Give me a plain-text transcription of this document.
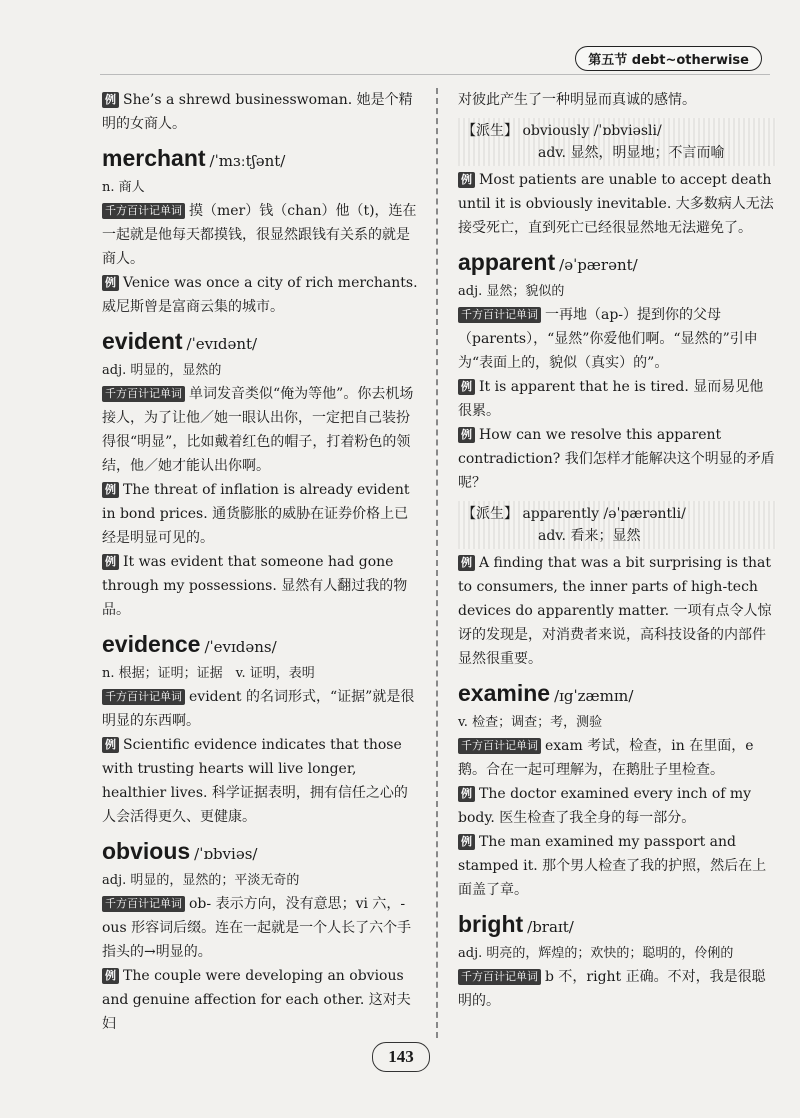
第五节 debt~otherwise

例 She’s a shrewd businesswoman. 她是个精明的女商人。

merchant /ˈmɜːtʃənt/

n. 商人

千方百计记单词 摸（mer）钱（chan）他（t)，连在一起就是他每天都摸钱，很显然跟钱有关系的就是商人。

例 Venice was once a city of rich merchants. 威尼斯曾是富商云集的城市。

evident /ˈevɪdənt/

adj. 明显的，显然的

千方百计记单词 单词发音类似“俺为等他”。你去机场接人，为了让他／她一眼认出你，一定把自己装扮得很“明显”，比如戴着红色的帽子，打着粉色的领结，他／她才能认出你啊。

例 The threat of inflation is already evident in bond prices. 通货膨胀的威胁在证券价格上已经是明显可见的。

例 It was evident that someone had gone through my possessions. 显然有人翻过我的物品。

evidence /ˈevɪdəns/

n. 根据；证明；证据　v. 证明，表明

千方百计记单词 evident 的名词形式，“证据”就是很明显的东西啊。

例 Scientific evidence indicates that those with trusting hearts will live longer, healthier lives. 科学证据表明，拥有信任之心的人会活得更久、更健康。

obvious /ˈɒbviəs/

adj. 明显的，显然的；平淡无奇的

千方百计记单词 ob- 表示方向，没有意思；vi 六，-ous 形容词后缀。连在一起就是一个人长了六个手指头的→明显的。

例 The couple were developing an obvious and genuine affection for each other. 这对夫妇

对彼此产生了一种明显而真诚的感情。

【派生】 obviously /ˈɒbviəsli/
adv. 显然，明显地；不言而喻

例 Most patients are unable to accept death until it is obviously inevitable. 大多数病人无法接受死亡，直到死亡已经很显然地无法避免了。

apparent /əˈpærənt/

adj. 显然；貌似的

千方百计记单词 一再地（ap-）提到你的父母（parents），“显然”你爱他们啊。“显然的”引申为“表面上的，貌似（真实）的”。

例 It is apparent that he is tired. 显而易见他很累。

例 How can we resolve this apparent contradiction? 我们怎样才能解决这个明显的矛盾呢？

【派生】 apparently /əˈpærəntli/
adv. 看来；显然

例 A finding that was a bit surprising is that to consumers, the inner parts of high-tech devices do apparently matter. 一项有点令人惊讶的发现是，对消费者来说，高科技设备的内部件显然很重要。

examine /ɪgˈzæmɪn/

v. 检查；调查；考，测验

千方百计记单词 exam 考试，检查，in 在里面，e 鹅。合在一起可理解为，在鹅肚子里检查。

例 The doctor examined every inch of my body. 医生检查了我全身的每一部分。

例 The man examined my passport and stamped it. 那个男人检查了我的护照，然后在上面盖了章。

bright /braɪt/

adj. 明亮的，辉煌的；欢快的；聪明的，伶俐的

千方百计记单词 b 不，right 正确。不对，我是很聪明的。

143
